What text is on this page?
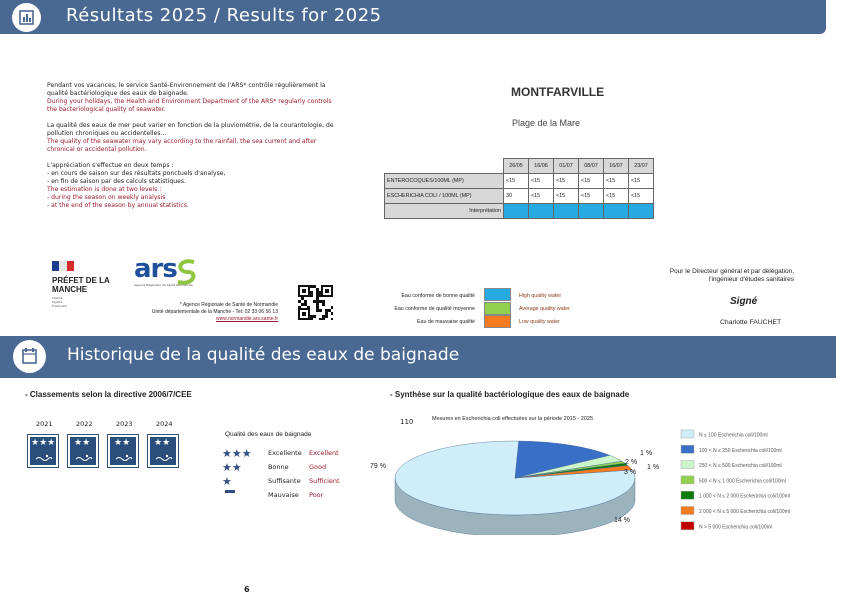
Résultats 2025 / Results for 2025
Pendant vos vacances, le service Santé-Environnement de l'ARS* contrôle régulièrement la qualité bactériologique des eaux de baignade.
During your holidays, the Health and Environment Department of the ARS* regularly controls the bacteriological quality of seawater.
La qualité des eaux de mer peut varier en fonction de la pluviométrie, de la courantologie, de pollution chroniques ou accidentelles...
The quality of the seawater may vary according to the rainfall, the sea current and after chronical or accidental pollution.
L'appréciation s'effectue en deux temps :
- en cours de saison sur des résultats ponctuels d'analyse,
- en fin de saison par des calculs statistiques.
The estimation is done at two levels :
- during the season on weekly analysis
- at the end of the season by annual statistics.
MONTFARVILLE
Plage de la Mare
	26/05	16/06	01/07	08/07	16/07	23/07
ENTEROCOQUES/100ML (MP)	<15	<15	<15	<15	<15	<15
ESCHERICHIA COLI / 100ML (MP)	30	<15	<15	<15	<15	<15
Interprétation						
PRÉFET DE LA MANCHE
Liberté Égalité Fraternité
ars
Agence Régionale de Santé Normandie
* Agence Régionale de Santé de Normandie
Unité départementale de la Manche - Tel: 02 33 06 56 13
www.normandie.ars.sante.fr
Eau conforme de bonne qualité	High quality water
Eau conforme de qualité moyenne	Average quality water
Eau de mauvaise qualité	Low quality water
Pour le Directeur général et par délégation,
l'ingénieur d'études sanitaires
Signé
Charlotte FAUCHET
Historique de la qualité des eaux de baignade
- Classements selon la directive 2006/7/CEE
2021	2022	2023	2024
★★★ ★★	★★	★★
Qualité des eaux de baignade
★★★	Excellente Excellent
★★	Bonne	Good
★	Suffisante Sufficient
Mauvaise Poor
- Synthèse sur la qualité bactériologique des eaux de baignade
110	Mesures en Escherichia coli effectuées sur la période 2015 - 2025
79 %
14 %
3 %
1 %
1 %
2 %
N ≤ 100 Escherichia coli/100ml
100 < N ≤ 250 Escherichia coli/100ml
250 < N ≤ 500 Escherichia coli/100ml
500 < N ≤ 1 000 Escherichia coli/100ml
1 000 < N ≤ 2 000 Escherichia coli/100ml
2 000 < N ≤ 5 000 Escherichia coli/100ml
N > 5 000 Escherichia coli/100ml
6
